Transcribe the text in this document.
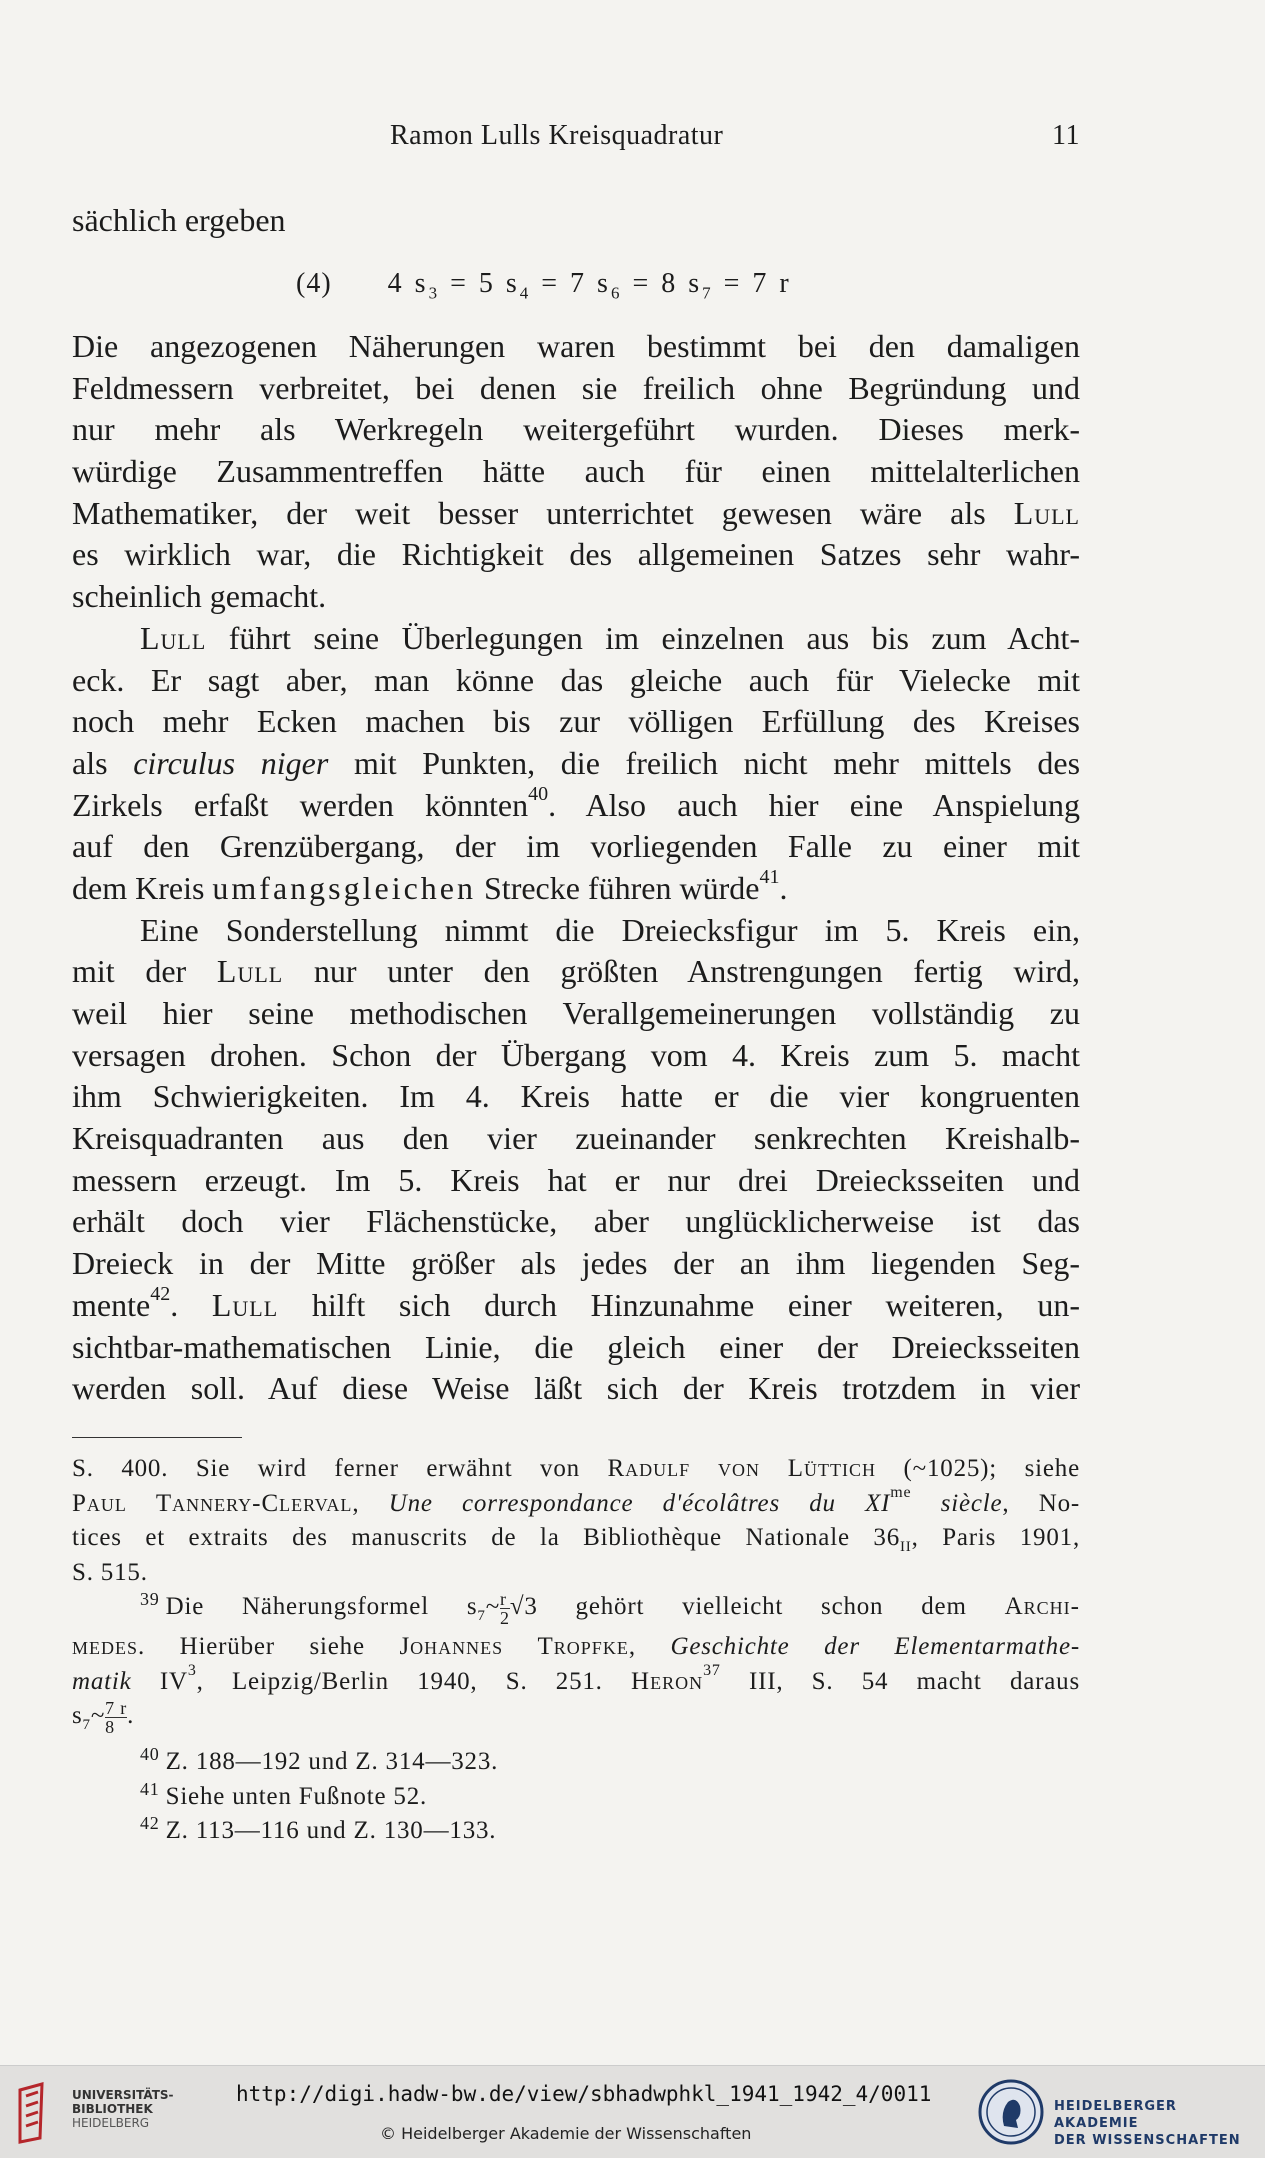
Ramon Lulls Kreisquadratur	11
sächlich ergeben
(4) 4 $s_3 = 5$ $s_4 = 7$ $s_6 = 8$ $s_7 = 7$ r
Die angezogenen Näherungen waren bestimmt bei den damaligen
Feldmessern verbreitet, bei denen sie freilich ohne Begründung und
nur mehr als Werkregeln weitergeführt wurden. Dieses merk-
würdige Zusammentreffen hätte auch für einen mittelalterlichen
Mathematiker, der weit besser unterrichtet gewesen wäre als Lull
es wirklich war, die Richtigkeit des allgemeinen Satzes sehr wahr-
scheinlich gemacht.
Lull führt seine Überlegungen im einzelnen aus bis zum Acht-
eck. Er sagt aber, man könne das gleiche auch für Vielecke mit
noch mehr Ecken machen bis zur völligen Erfüllung des Kreises
als circulus niger mit Punkten, die freilich nicht mehr mittels des
Zirkels erfaßt werden könnten$^{40}$. Also auch hier eine Anspielung
auf den Grenzübergang, der im vorliegenden Falle zu einer mit
dem Kreis umfangsgleichen Strecke führen würde$^{41}$.
Eine Sonderstellung nimmt die Dreiecksfigur im 5. Kreis ein,
mit der Lull nur unter den größten Anstrengungen fertig wird,
weil hier seine methodischen Verallgemeinerungen vollständig zu
versagen drohen. Schon der Übergang vom 4. Kreis zum 5. macht
ihm Schwierigkeiten. Im 4. Kreis hatte er die vier kongruenten
Kreisquadranten aus den vier zueinander senkrechten Kreishalb-
messern erzeugt. Im 5. Kreis hat er nur drei Dreiecksseiten und
erhält doch vier Flächenstücke, aber unglücklicherweise ist das
Dreieck in der Mitte größer als jedes der an ihm liegenden Seg-
mente$^{42}$. Lull hilft sich durch Hinzunahme einer weiteren, un-
sichtbar-mathematischen Linie, die gleich einer der Dreiecksseiten
werden soll. Auf diese Weise läßt sich der Kreis trotzdem in vier
S. 400. Sie wird ferner erwähnt von Radulf von Lüttich (~1025); siehe
Paul Tannery-Clerval, Une correspondance d'écolâtres du $XI^{me}$ siècle, No-
tices et extraits des manuscrits de la Bibliothèque Nationale $36_{II}$, Paris 1901,
S. 515.
$^{39}$ Die Näherungsformel $s_7\sim \frac{r}{2} √3$ gehört vielleicht schon dem Archi-
medes. Hierüber siehe Johannes Tropfke, Geschichte der Elementarmathe-
matik $IV^3$, Leipzig/Berlin 1940, S. 251. Heron$^{37}$ III, S. 54 macht daraus
$s_7\sim \frac{7 r}{8}$ .
$^{40}$ Z. 188—192 und Z. 314—323.
$^{41}$ Siehe unten Fußnote 52.
$^{42}$ Z. 113—116 und Z. 130—133.
UNIVERSITÄTS-
BIBLIOTHEK
HEIDELBERG
http://digi.hadw-bw.de/view/sbhadwphkl_1941_1942_4/0011
© Heidelberger Akademie der Wissenschaften
HEIDELBERGER AKADEMIE
DER WISSENSCHAFTEN
